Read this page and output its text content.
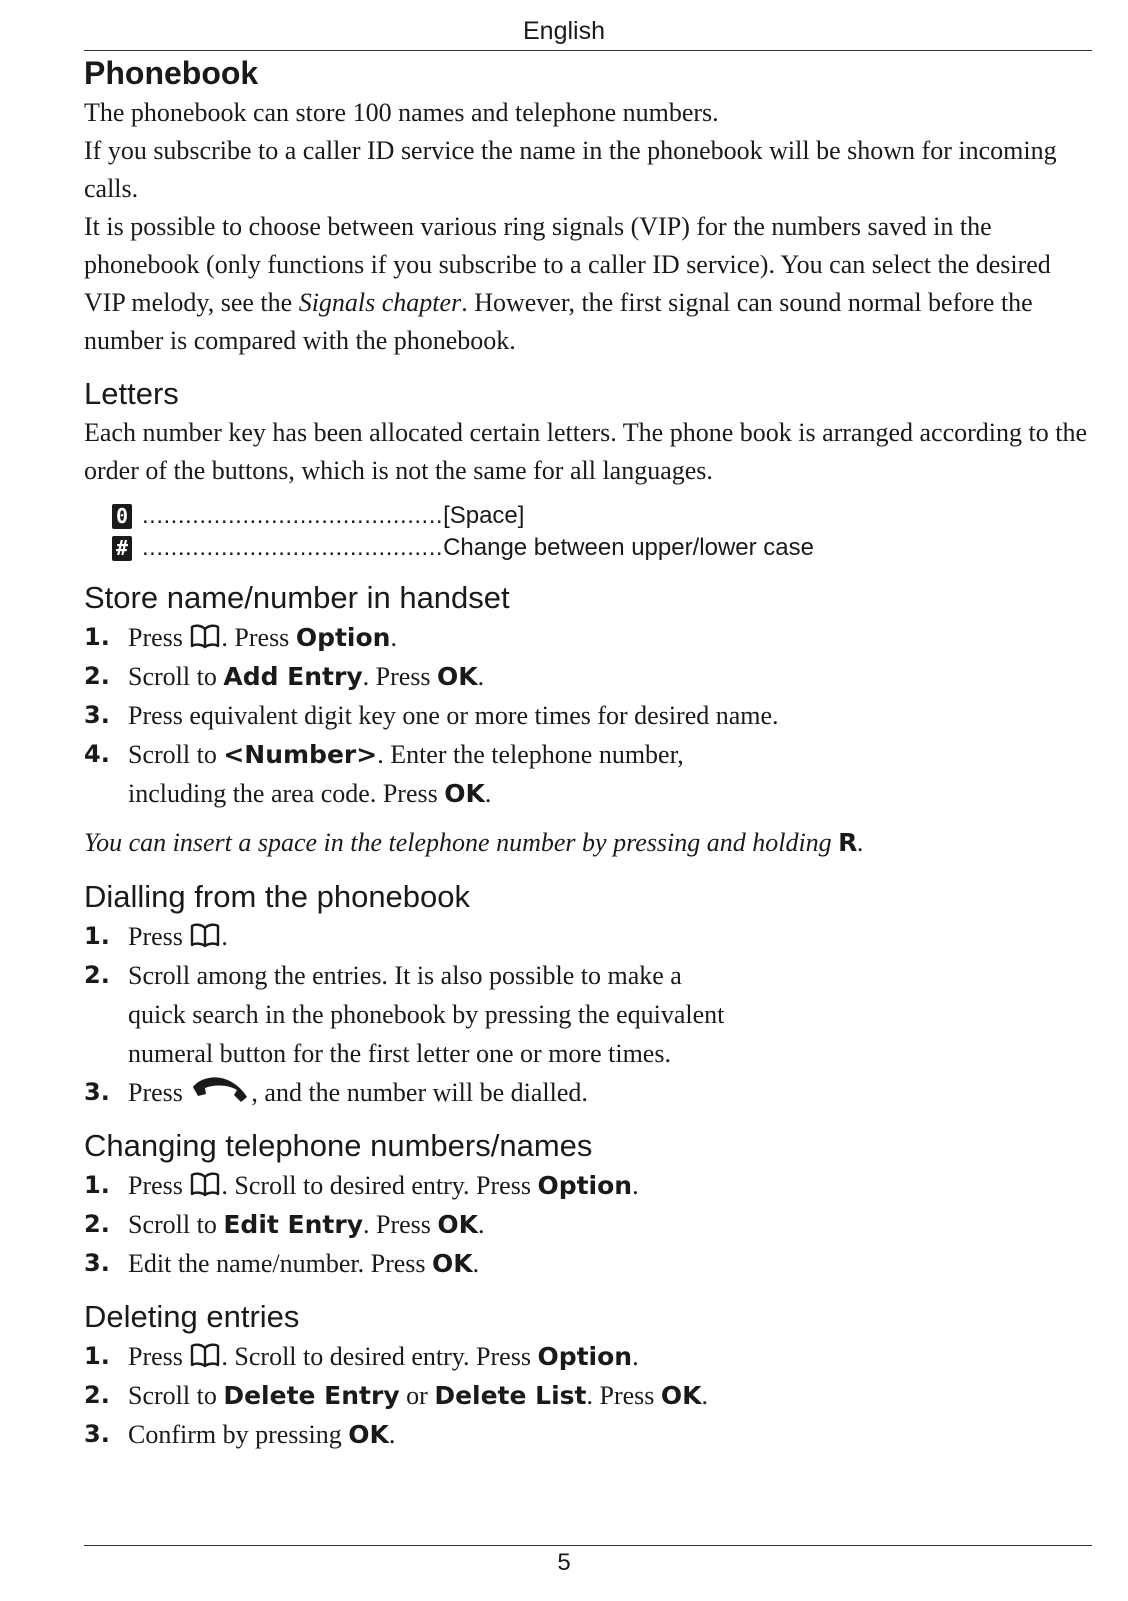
English
Phonebook

The phonebook can store 100 names and telephone numbers.

If you subscribe to a caller ID service the name in the phonebook will be shown for incoming calls.

It is possible to choose between various ring signals (VIP) for the numbers saved in the phonebook (only functions if you subscribe to a caller ID service). You can select the desired VIP melody, see the Signals chapter. However, the first signal can sound normal before the number is compared with the phonebook.

Letters

Each number key has been allocated certain letters. The phone book is arranged according to the order of the buttons, which is not the same for all languages.

0 .......................................... [Space]
# .......................................... Change between upper/lower case
Store name/number in handset
1. Press . Press Option.
2. Scroll to Add Entry. Press OK.
3. Press equivalent digit key one or more times for desired name.
4. Scroll to <Number>. Enter the telephone number,
including the area code. Press OK.

You can insert a space in the telephone number by pressing and holding R.

Dialling from the phonebook
1. Press .
2. Scroll among the entries. It is also possible to make a
quick search in the phonebook by pressing the equivalent
numeral button for the first letter one or more times.
3. Press , and the number will be dialled.
Changing telephone numbers/names
1. Press . Scroll to desired entry. Press Option.
2. Scroll to Edit Entry. Press OK.
3. Edit the name/number. Press OK.
Deleting entries
1. Press . Scroll to desired entry. Press Option.
2. Scroll to Delete Entry or Delete List. Press OK.
3. Confirm by pressing OK.
5
